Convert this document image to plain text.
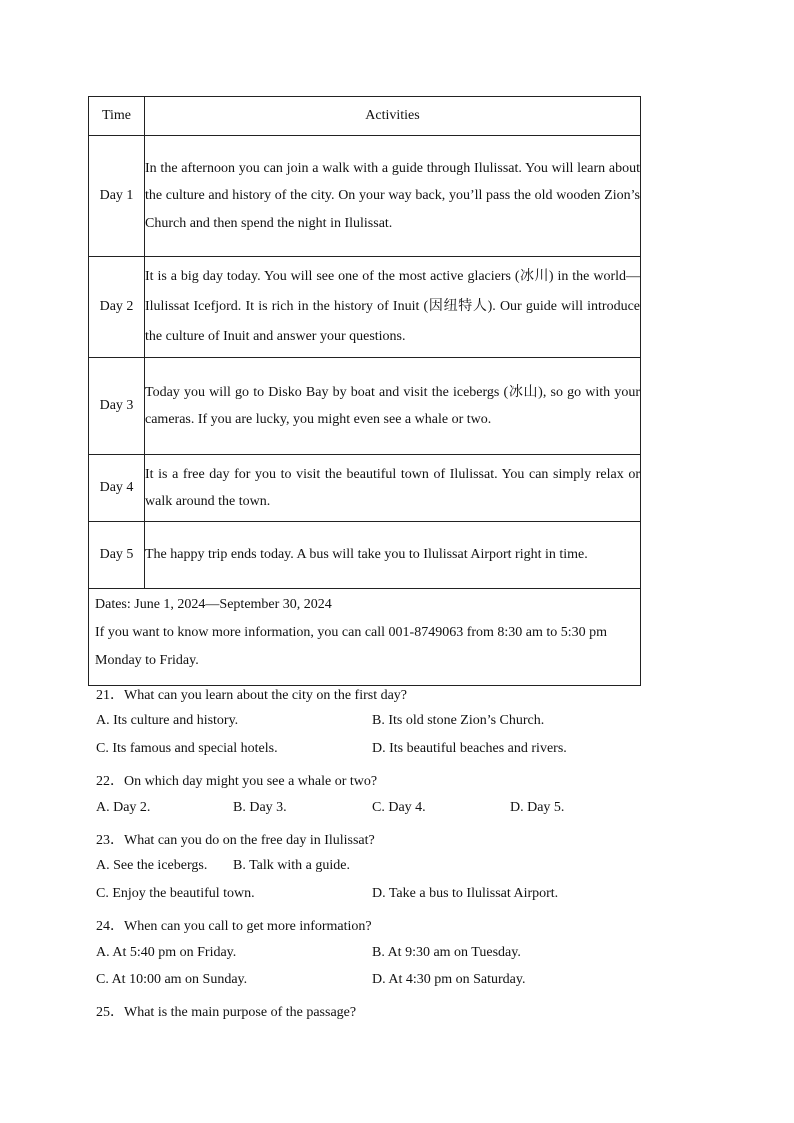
Time	Activities
Day 1	In the afternoon you can join a walk with a guide through Ilulissat. You will learn about the culture and history of the city. On your way back, you’ll pass the old wooden Zion’s Church and then spend the night in Ilulissat.
Day 2	It is a big day today. You will see one of the most active glaciers (冰川) in the world—Ilulissat Icefjord. It is rich in the history of Inuit (因纽特人). Our guide will introduce the culture of Inuit and answer your questions.
Day 3	Today you will go to Disko Bay by boat and visit the icebergs (冰山), so go with your cameras. If you are lucky, you might even see a whale or two.
Day 4	It is a free day for you to visit the beautiful town of Ilulissat. You can simply relax or walk around the town.
Day 5	The happy trip ends today. A bus will take you to Ilulissat Airport right in time.

Dates: June 1, 2024—September 30, 2024
If you want to know more information, you can call 001-8749063 from 8:30 am to 5:30 pm Monday to Friday.	

21．What can you learn about the city on the first day?

A. Its culture and history.	B. Its old stone Zion’s Church.

C. Its famous and special hotels.	D. Its beautiful beaches and rivers.

22．On which day might you see a whale or two?

A. Day 2.	B. Day 3.	C. Day 4.	D. Day 5.

23．What can you do on the free day in Ilulissat?

A. See the icebergs. B. Talk with a guide.

C. Enjoy the beautiful town.	D. Take a bus to Ilulissat Airport.

24．When can you call to get more information?

A. At 5:40 pm on Friday.	B. At 9:30 am on Tuesday.

C. At 10:00 am on Sunday.	D. At 4:30 pm on Saturday.

25．What is the main purpose of the passage?
